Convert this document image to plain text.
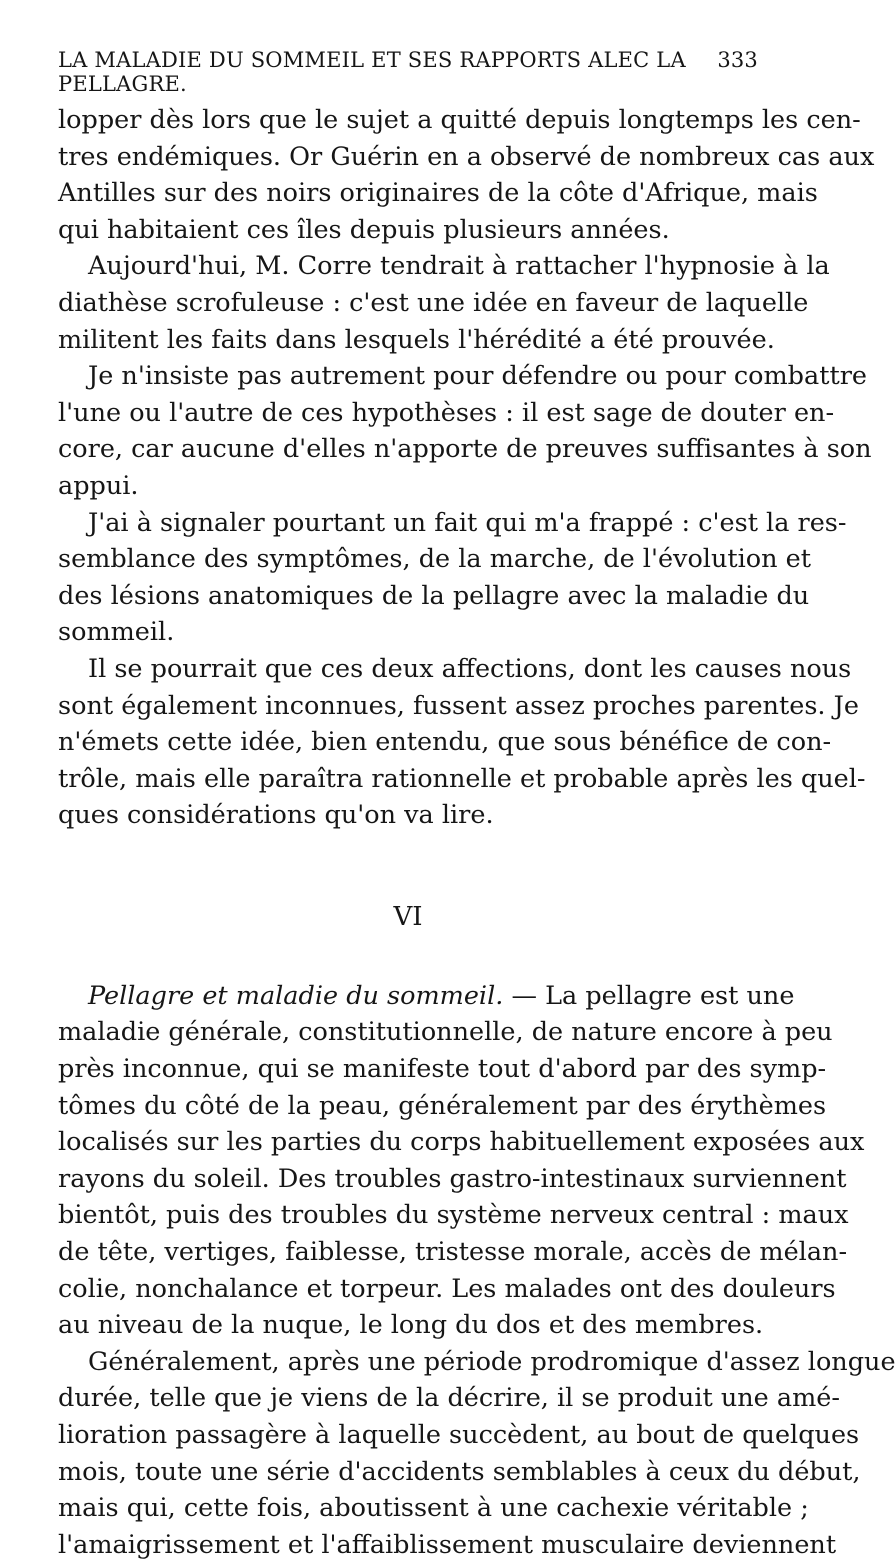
LA MALADIE DU SOMMEIL ET SES RAPPORTS ALEC LA PELLAGRE.
333
lopper dès lors que le sujet a quitté depuis longtemps les cen-
tres endémiques. Or Guérin en a observé de nombreux cas aux
Antilles sur des noirs originaires de la côte d'Afrique, mais
qui habitaient ces îles depuis plusieurs années.
Aujourd'hui, M. Corre tendrait à rattacher l'hypnosie à la
diathèse scrofuleuse : c'est une idée en faveur de laquelle
militent les faits dans lesquels l'hérédité a été prouvée.
Je n'insiste pas autrement pour défendre ou pour combattre
l'une ou l'autre de ces hypothèses : il est sage de douter en-
core, car aucune d'elles n'apporte de preuves suffisantes à son
appui.
J'ai à signaler pourtant un fait qui m'a frappé : c'est la res-
semblance des symptômes, de la marche, de l'évolution et
des lésions anatomiques de la pellagre avec la maladie du
sommeil.
Il se pourrait que ces deux affections, dont les causes nous
sont également inconnues, fussent assez proches parentes. Je
n'émets cette idée, bien entendu, que sous bénéfice de con-
trôle, mais elle paraîtra rationnelle et probable après les quel-
ques considérations qu'on va lire.
VI
Pellagre et maladie du sommeil. — La pellagre est une
maladie générale, constitutionnelle, de nature encore à peu
près inconnue, qui se manifeste tout d'abord par des symp-
tômes du côté de la peau, généralement par des érythèmes
localisés sur les parties du corps habituellement exposées aux
rayons du soleil. Des troubles gastro-intestinaux surviennent
bientôt, puis des troubles du système nerveux central : maux
de tête, vertiges, faiblesse, tristesse morale, accès de mélan-
colie, nonchalance et torpeur. Les malades ont des douleurs
au niveau de la nuque, le long du dos et des membres.
Généralement, après une période prodromique d'assez longue
durée, telle que je viens de la décrire, il se produit une amé-
lioration passagère à laquelle succèdent, au bout de quelques
mois, toute une série d'accidents semblables à ceux du début,
mais qui, cette fois, aboutissent à une cachexie véritable ;
l'amaigrissement et l'affaiblissement musculaire deviennent
